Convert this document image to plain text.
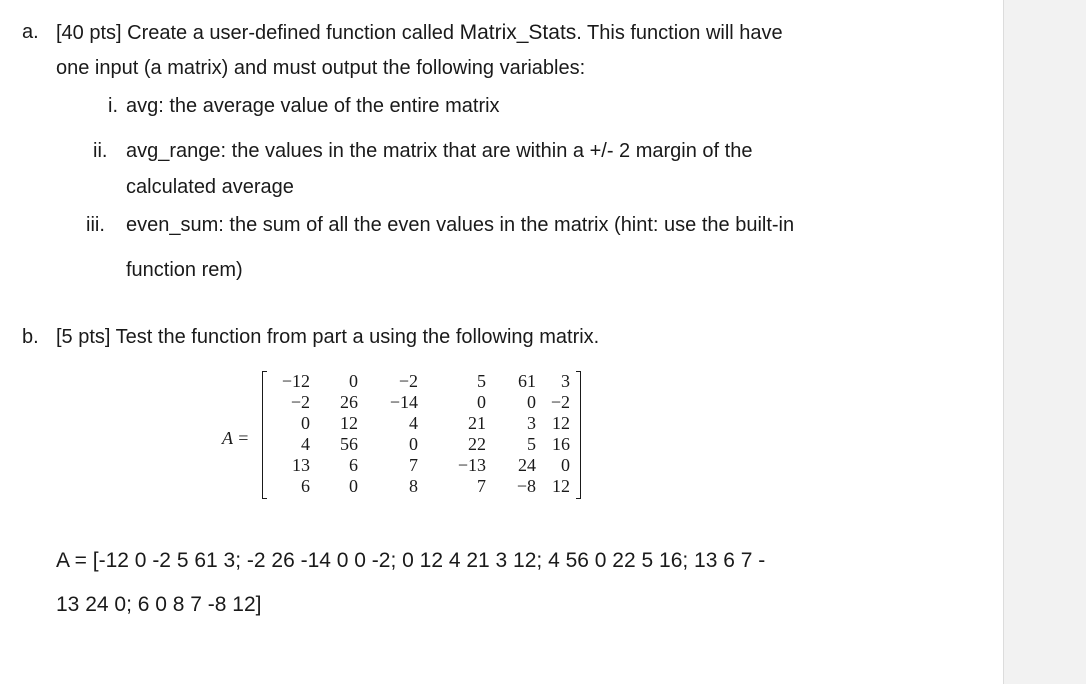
a. [40 pts] Create a user-defined function called Matrix_Stats. This function will have
one input (a matrix) and must output the following variables:
i. avg: the average value of the entire matrix
ii. avg_range: the values in the matrix that are within a +/- 2 margin of the
calculated average
iii. even_sum: the sum of all the even values in the matrix (hint: use the built-in
function rem)
b. [5 pts] Test the function from part a using the following matrix.
A =
−12 0 −2	5 61 3
−2 26 −14	0 0 −2
0 12	4	21 3 12
4 56	0	22 5 16
13 6	7 −13 24 0
6 0	8	7 −8 12
A = [-12 0 -2 5 61 3; -2 26 -14 0 0 -2; 0 12 4 21 3 12; 4 56 0 22 5 16; 13 6 7 -
13 24 0; 6 0 8 7 -8 12]
